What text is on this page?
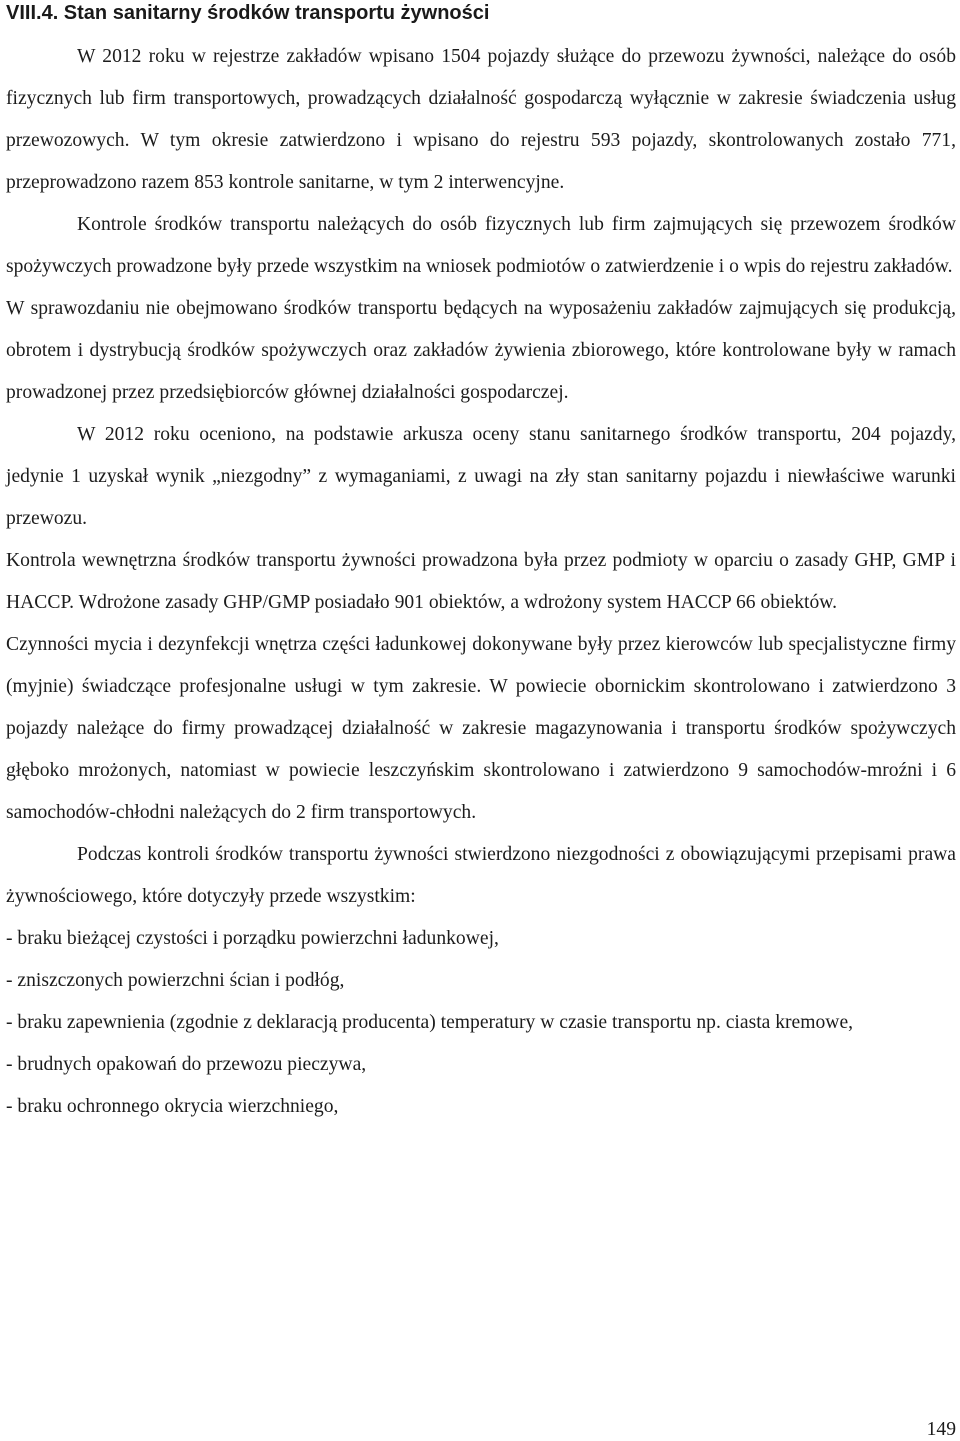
VIII.4. Stan sanitarny środków transportu żywności

W 2012 roku w rejestrze zakładów wpisano 1504 pojazdy służące do przewozu żywności, należące do osób fizycznych lub firm transportowych, prowadzących działalność gospodarczą wyłącznie w zakresie świadczenia usług przewozowych. W tym okresie zatwierdzono i wpisano do rejestru 593 pojazdy, skontrolowanych zostało 771, przeprowadzono razem 853 kontrole sanitarne, w tym 2 interwencyjne.

Kontrole środków transportu należących do osób fizycznych lub firm zajmujących się przewozem środków spożywczych prowadzone były przede wszystkim na wniosek podmiotów o zatwierdzenie i o wpis do rejestru zakładów.

W sprawozdaniu nie obejmowano środków transportu będących na wyposażeniu zakładów zajmujących się produkcją, obrotem i dystrybucją środków spożywczych oraz zakładów żywienia zbiorowego, które kontrolowane były w ramach prowadzonej przez przedsiębiorców głównej działalności gospodarczej.

W 2012 roku oceniono, na podstawie arkusza oceny stanu sanitarnego środków transportu, 204 pojazdy, jedynie 1 uzyskał wynik „niezgodny” z wymaganiami, z uwagi na zły stan sanitarny pojazdu i niewłaściwe warunki przewozu.

Kontrola wewnętrzna środków transportu żywności prowadzona była przez podmioty w oparciu o zasady GHP, GMP i HACCP. Wdrożone zasady GHP/GMP posiadało 901 obiektów, a wdrożony system HACCP 66 obiektów.

Czynności mycia i dezynfekcji wnętrza części ładunkowej dokonywane były przez kierowców lub specjalistyczne firmy (myjnie) świadczące profesjonalne usługi w tym zakresie. W powiecie obornickim skontrolowano i zatwierdzono 3 pojazdy należące do firmy prowadzącej działalność w zakresie magazynowania i transportu środków spożywczych głęboko mrożonych, natomiast w powiecie leszczyńskim skontrolowano i zatwierdzono 9 samochodów-mroźni i 6 samochodów-chłodni należących do 2 firm transportowych.

Podczas kontroli środków transportu żywności stwierdzono niezgodności z obowiązującymi przepisami prawa żywnościowego, które dotyczyły przede wszystkim:

- braku bieżącej czystości i porządku powierzchni ładunkowej,

- zniszczonych powierzchni ścian i podłóg,

- braku zapewnienia (zgodnie z deklaracją producenta) temperatury w czasie transportu np. ciasta kremowe,

- brudnych opakowań do przewozu pieczywa,

- braku ochronnego okrycia wierzchniego,

149
